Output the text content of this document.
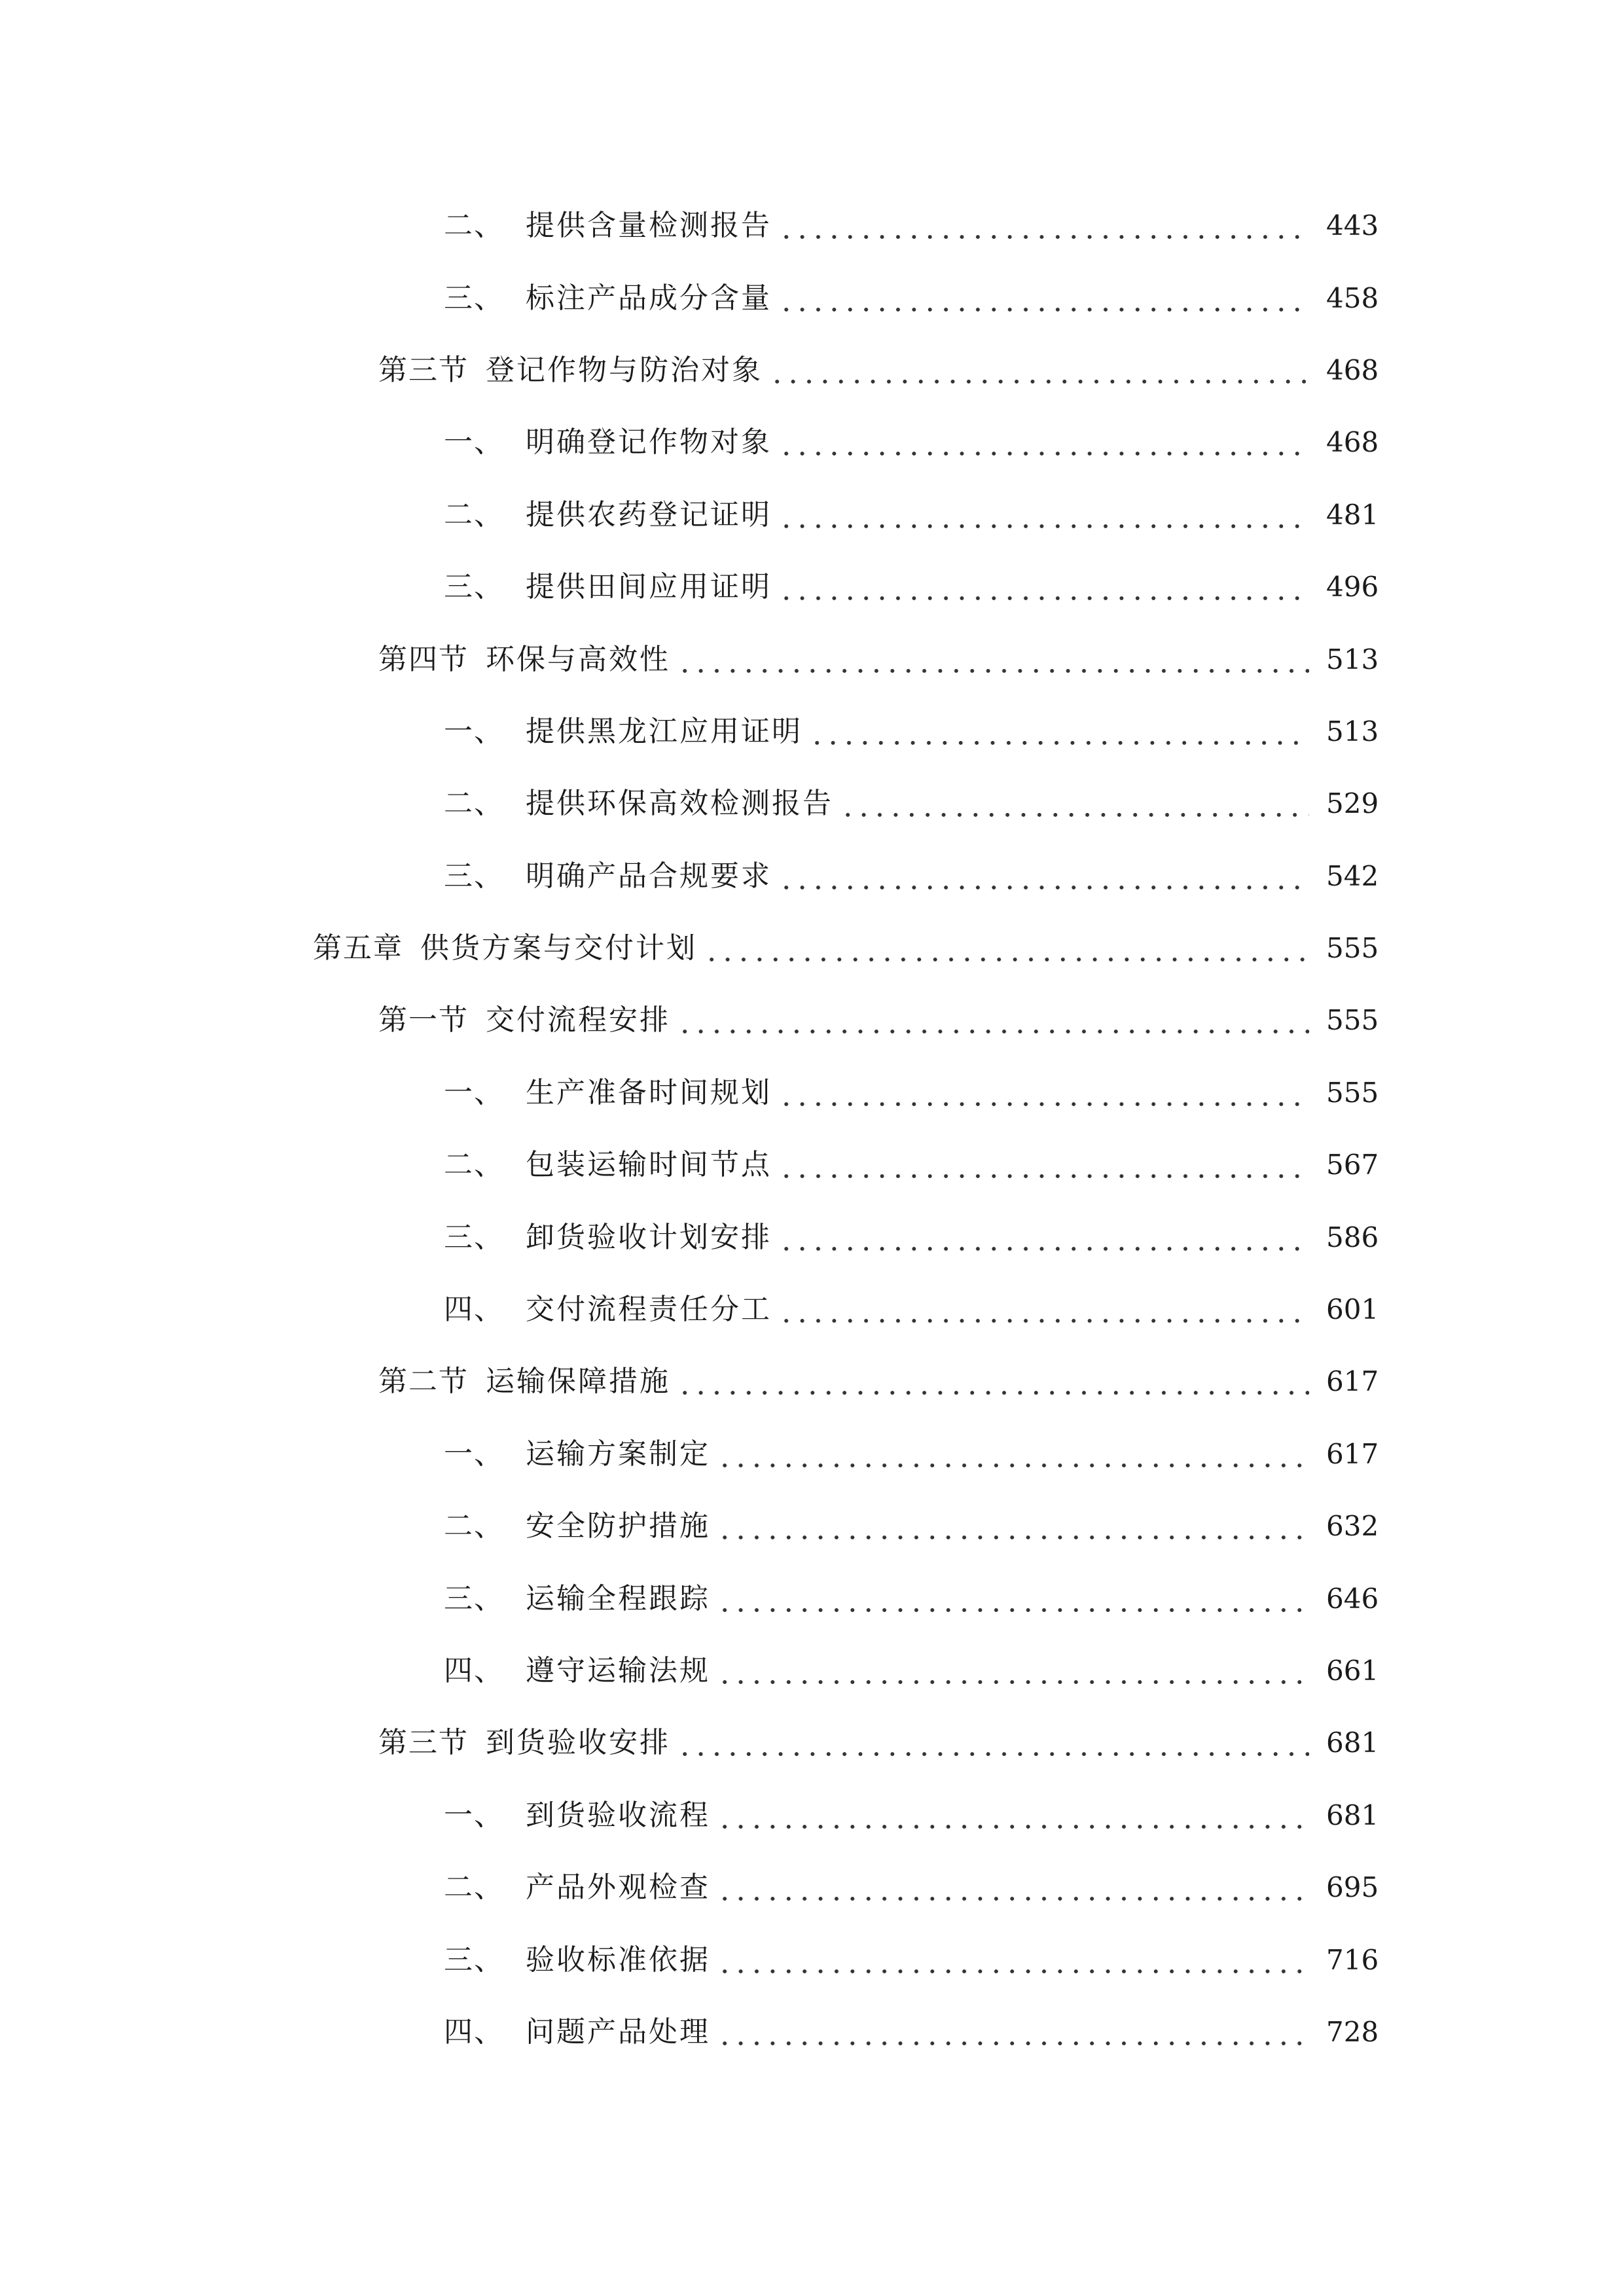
二、 提供含量检测报告	443
三、 标注产品成分含量	458
第三节 登记作物与防治对象	468
一、 明确登记作物对象	468
二、 提供农药登记证明	481
三、 提供田间应用证明	496
第四节 环保与高效性	513
一、 提供黑龙江应用证明	513
二、 提供环保高效检测报告	529
三、 明确产品合规要求	542
第五章 供货方案与交付计划	555
第一节 交付流程安排	555
一、 生产准备时间规划	555
二、 包装运输时间节点	567
三、 卸货验收计划安排	586
四、 交付流程责任分工	601
第二节 运输保障措施	617
一、 运输方案制定	617
二、 安全防护措施	632
三、 运输全程跟踪	646
四、 遵守运输法规	661
第三节 到货验收安排	681
一、 到货验收流程	681
二、 产品外观检查	695
三、 验收标准依据	716
四、 问题产品处理	728
